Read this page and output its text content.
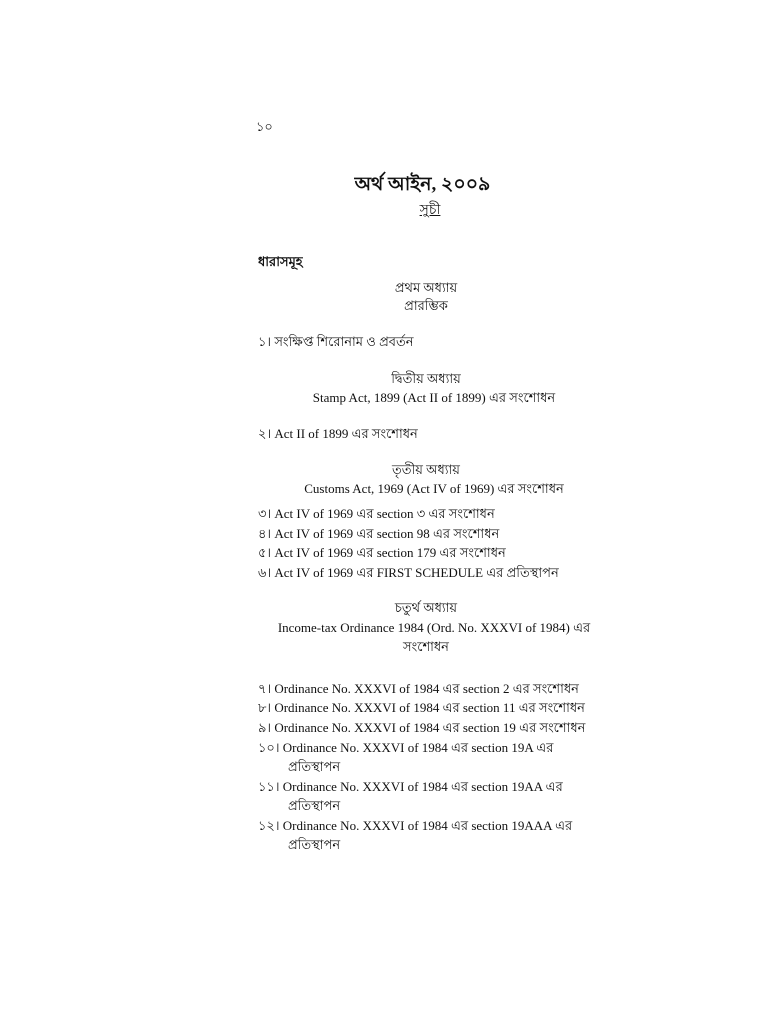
১০
অর্থ আইন, ২০০৯
সুচী
ধারাসমূহ
প্রথম অধ্যায়
প্রারম্ভিক
১। সংক্ষিপ্ত শিরোনাম ও প্রবর্তন
দ্বিতীয় অধ্যায়
Stamp Act, 1899 (Act II of 1899) এর সংশোধন
২। Act II of 1899 এর সংশোধন
তৃতীয় অধ্যায়
Customs Act, 1969 (Act IV of 1969) এর সংশোধন
৩। Act IV of 1969 এর section ৩ এর সংশোধন
৪। Act IV of 1969 এর section 98 এর সংশোধন
৫। Act IV of 1969 এর section 179 এর সংশোধন
৬। Act IV of 1969 এর FIRST SCHEDULE এর প্রতিস্থাপন
চতুর্থ অধ্যায়
Income-tax Ordinance 1984 (Ord. No. XXXVI of 1984) এর
সংশোধন
৭। Ordinance No. XXXVI of 1984 এর section 2 এর সংশোধন
৮। Ordinance No. XXXVI of 1984 এর section 11 এর সংশোধন
৯। Ordinance No. XXXVI of 1984 এর section 19 এর সংশোধন
১০। Ordinance No. XXXVI of 1984 এর section 19A এর
প্রতিস্থাপন
১১। Ordinance No. XXXVI of 1984 এর section 19AA এর
প্রতিস্থাপন
১২। Ordinance No. XXXVI of 1984 এর section 19AAA এর
প্রতিস্থাপন
